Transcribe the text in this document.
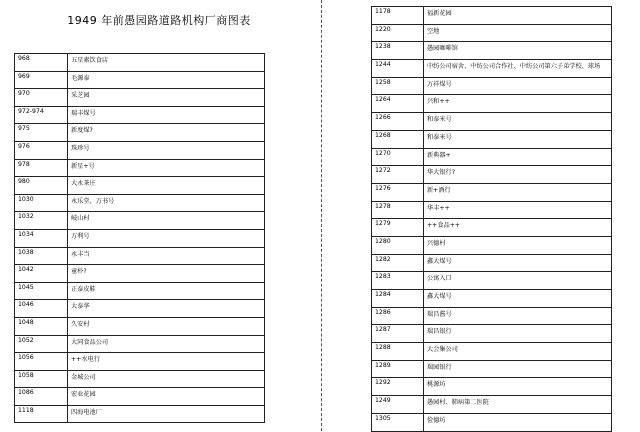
1949 年前愚园路道路机构厂商图表
968	五星素饮食店
969	毛源泰
970	采芝园
972-974	瑞丰煤号
975	新度煤?
976	珠珍号
978	新星+号
980	大永茶庄
1030	永乐堂、万书号
1032	岐山村
1034	万利号
1038	永丰当
1042	童朴?
1045	正泰皮鞋
1046	大泰华
1048	久安村
1052	大同食品公司
1056	++水电行
1058	金城公司
1086	宏业花园
1118	四海电池厂
1178	福新花园
1220	空地
1238	愚园咖啡馆
1244	中纺公司宿舍、中纺公司合作社、中纺公司第六子弟学校、球场
1258	万祥煤号
1264	兴和++
1266	和泰米号
1268	和泰米号
1270	新典器+
1272	华大银行?
1276	新+酒行
1278	华丰++
1279	++食品++
1280	兴德村
1282	鑫大煤号
1283	公寓入口
1284	鑫大煤号
1286	瑞昌酱号
1287	瑞昌银行
1288	大会集公司
1289	瑞园银行
1292	桃源坊
1249	愚园村、肺病第二医院
1305	俭德坊
